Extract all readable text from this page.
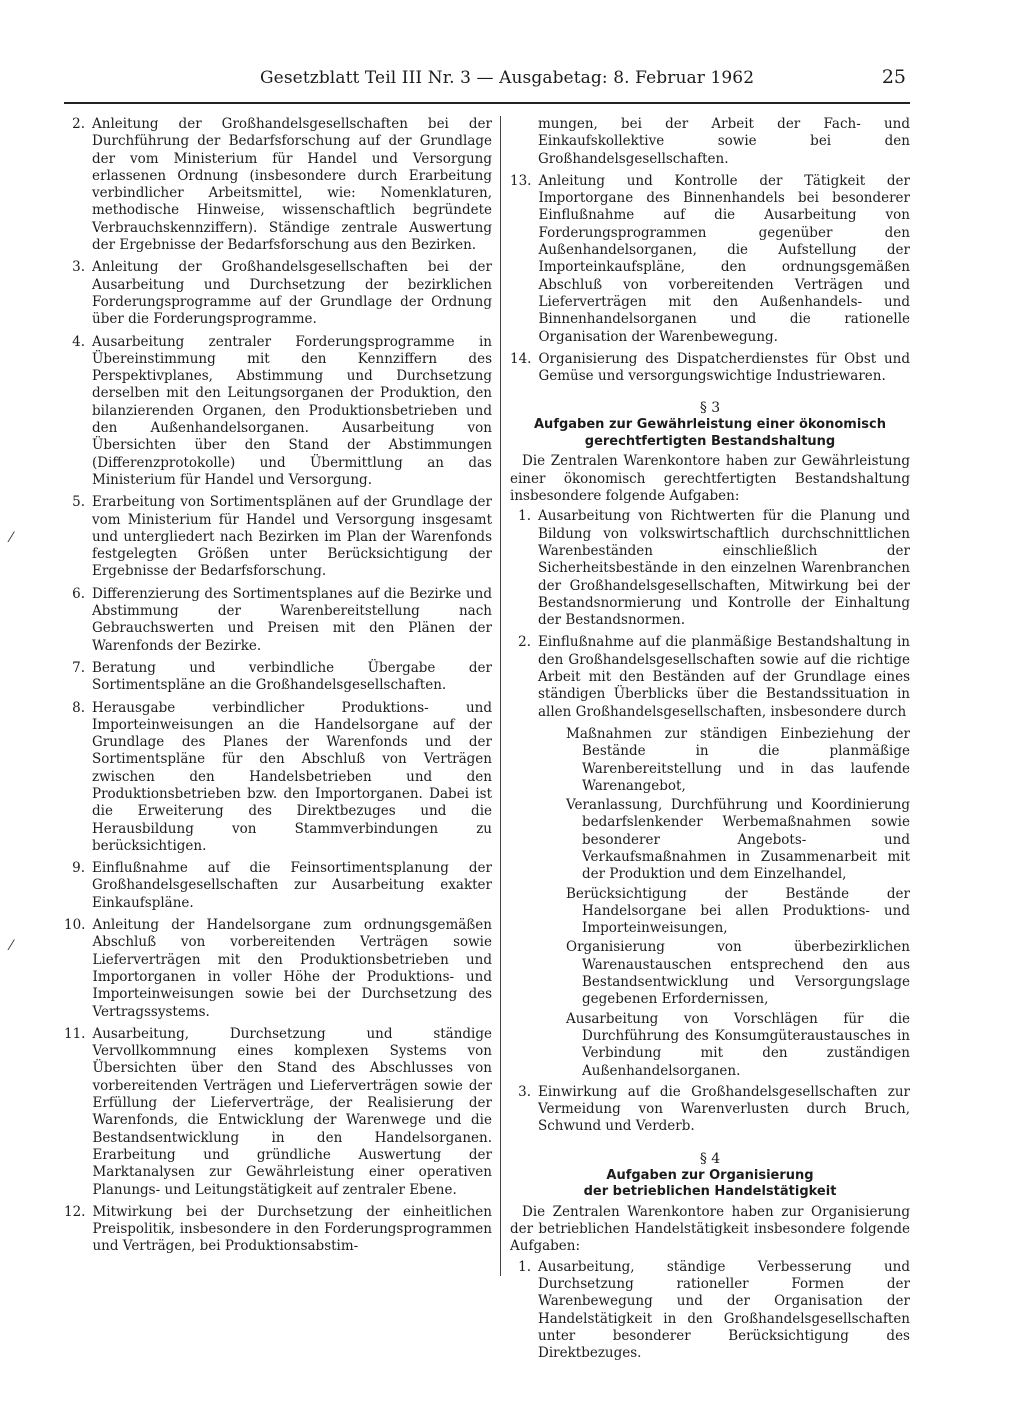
Gesetzblatt Teil III Nr. 3 — Ausgabetag: 8. Februar 1962	25
2. Anleitung der Großhandelsgesellschaften bei der Durchführung der Bedarfsforschung auf der Grundlage der vom Ministerium für Handel und Versorgung erlassenen Ordnung (insbesondere durch Erarbeitung verbindlicher Arbeitsmittel, wie: Nomenklaturen, methodische Hinweise, wissenschaftlich begründete Verbrauchskennziffern). Ständige zentrale Auswertung der Ergebnisse der Bedarfsforschung aus den Bezirken.
3. Anleitung der Großhandelsgesellschaften bei der Ausarbeitung und Durchsetzung der bezirklichen Forderungsprogramme auf der Grundlage der Ordnung über die Forderungsprogramme.
4. Ausarbeitung zentraler Forderungsprogramme in Übereinstimmung mit den Kennziffern des Perspektivplanes, Abstimmung und Durchsetzung derselben mit den Leitungsorganen der Produktion, den bilanzierenden Organen, den Produktionsbetrieben und den Außenhandelsorganen. Ausarbeitung von Übersichten über den Stand der Abstimmungen (Differenzprotokolle) und Übermittlung an das Ministerium für Handel und Versorgung.
5. Erarbeitung von Sortimentsplänen auf der Grundlage der vom Ministerium für Handel und Versorgung insgesamt und untergliedert nach Bezirken im Plan der Warenfonds festgelegten Größen unter Berücksichtigung der Ergebnisse der Bedarfsforschung.
6. Differenzierung des Sortimentsplanes auf die Bezirke und Abstimmung der Warenbereitstellung nach Gebrauchswerten und Preisen mit den Plänen der Warenfonds der Bezirke.
7. Beratung und verbindliche Übergabe der Sortimentspläne an die Großhandelsgesellschaften.
8. Herausgabe verbindlicher Produktions- und Importeinweisungen an die Handelsorgane auf der Grundlage des Planes der Warenfonds und der Sortimentspläne für den Abschluß von Verträgen zwischen den Handelsbetrieben und den Produktionsbetrieben bzw. den Importorganen. Dabei ist die Erweiterung des Direktbezuges und die Herausbildung von Stammverbindungen zu berücksichtigen.
9. Einflußnahme auf die Feinsortimentsplanung der Großhandelsgesellschaften zur Ausarbeitung exakter Einkaufspläne.
10. Anleitung der Handelsorgane zum ordnungsgemäßen Abschluß von vorbereitenden Verträgen sowie Lieferverträgen mit den Produktionsbetrieben und Importorganen in voller Höhe der Produktions- und Importeinweisungen sowie bei der Durchsetzung des Vertragssystems.
11. Ausarbeitung, Durchsetzung und ständige Vervollkommnung eines komplexen Systems von Übersichten über den Stand des Abschlusses von vorbereitenden Verträgen und Lieferverträgen sowie der Erfüllung der Lieferverträge, der Realisierung der Warenfonds, die Entwicklung der Warenwege und die Bestandsentwicklung in den Handelsorganen. Erarbeitung und gründliche Auswertung der Marktanalysen zur Gewährleistung einer operativen Planungs- und Leitungstätigkeit auf zentraler Ebene.
12. Mitwirkung bei der Durchsetzung der einheitlichen Preispolitik, insbesondere in den Forderungsprogrammen und Verträgen, bei Produktionsabstim-
mungen, bei der Arbeit der Fach- und Einkaufskollektive sowie bei den Großhandelsgesellschaften.
13. Anleitung und Kontrolle der Tätigkeit der Importorgane des Binnenhandels bei besonderer Einflußnahme auf die Ausarbeitung von Forderungsprogrammen gegenüber den Außenhandelsorganen, die Aufstellung der Importeinkaufspläne, den ordnungsgemäßen Abschluß von vorbereitenden Verträgen und Lieferverträgen mit den Außenhandels- und Binnenhandelsorganen und die rationelle Organisation der Warenbewegung.
14. Organisierung des Dispatcherdienstes für Obst und Gemüse und versorgungswichtige Industriewaren.
§ 3
Aufgaben zur Gewährleistung einer ökonomisch
gerechtfertigten Bestandshaltung
Die Zentralen Warenkontore haben zur Gewährleistung einer ökonomisch gerechtfertigten Bestandshaltung insbesondere folgende Aufgaben:
1. Ausarbeitung von Richtwerten für die Planung und Bildung von volkswirtschaftlich durchschnittlichen Warenbeständen einschließlich der Sicherheitsbestände in den einzelnen Warenbranchen der Großhandelsgesellschaften, Mitwirkung bei der Bestandsnormierung und Kontrolle der Einhaltung der Bestandsnormen.
2. Einflußnahme auf die planmäßige Bestandshaltung in den Großhandelsgesellschaften sowie auf die richtige Arbeit mit den Beständen auf der Grundlage eines ständigen Überblicks über die Bestandssituation in allen Großhandelsgesellschaften, insbesondere durch
Maßnahmen zur ständigen Einbeziehung der Bestände in die planmäßige Warenbereitstellung und in das laufende Warenangebot,
Veranlassung, Durchführung und Koordinierung bedarfslenkender Werbemaßnahmen sowie besonderer Angebots- und Verkaufsmaßnahmen in Zusammenarbeit mit der Produktion und dem Einzelhandel,
Berücksichtigung der Bestände der Handelsorgane bei allen Produktions- und Importeinweisungen,
Organisierung von überbezirklichen Warenaustauschen entsprechend den aus Bestandsentwicklung und Versorgungslage gegebenen Erfordernissen,
Ausarbeitung von Vorschlägen für die Durchführung des Konsumgüteraustausches in Verbindung mit den zuständigen Außenhandelsorganen.
3. Einwirkung auf die Großhandelsgesellschaften zur Vermeidung von Warenverlusten durch Bruch, Schwund und Verderb.
§ 4
Aufgaben zur Organisierung
der betrieblichen Handelstätigkeit
Die Zentralen Warenkontore haben zur Organisierung der betrieblichen Handelstätigkeit insbesondere folgende Aufgaben:
1. Ausarbeitung, ständige Verbesserung und Durchsetzung rationeller Formen der Warenbewegung und der Organisation der Handelstätigkeit in den Großhandelsgesellschaften unter besonderer Berücksichtigung des Direktbezuges.
⁄
⁄
